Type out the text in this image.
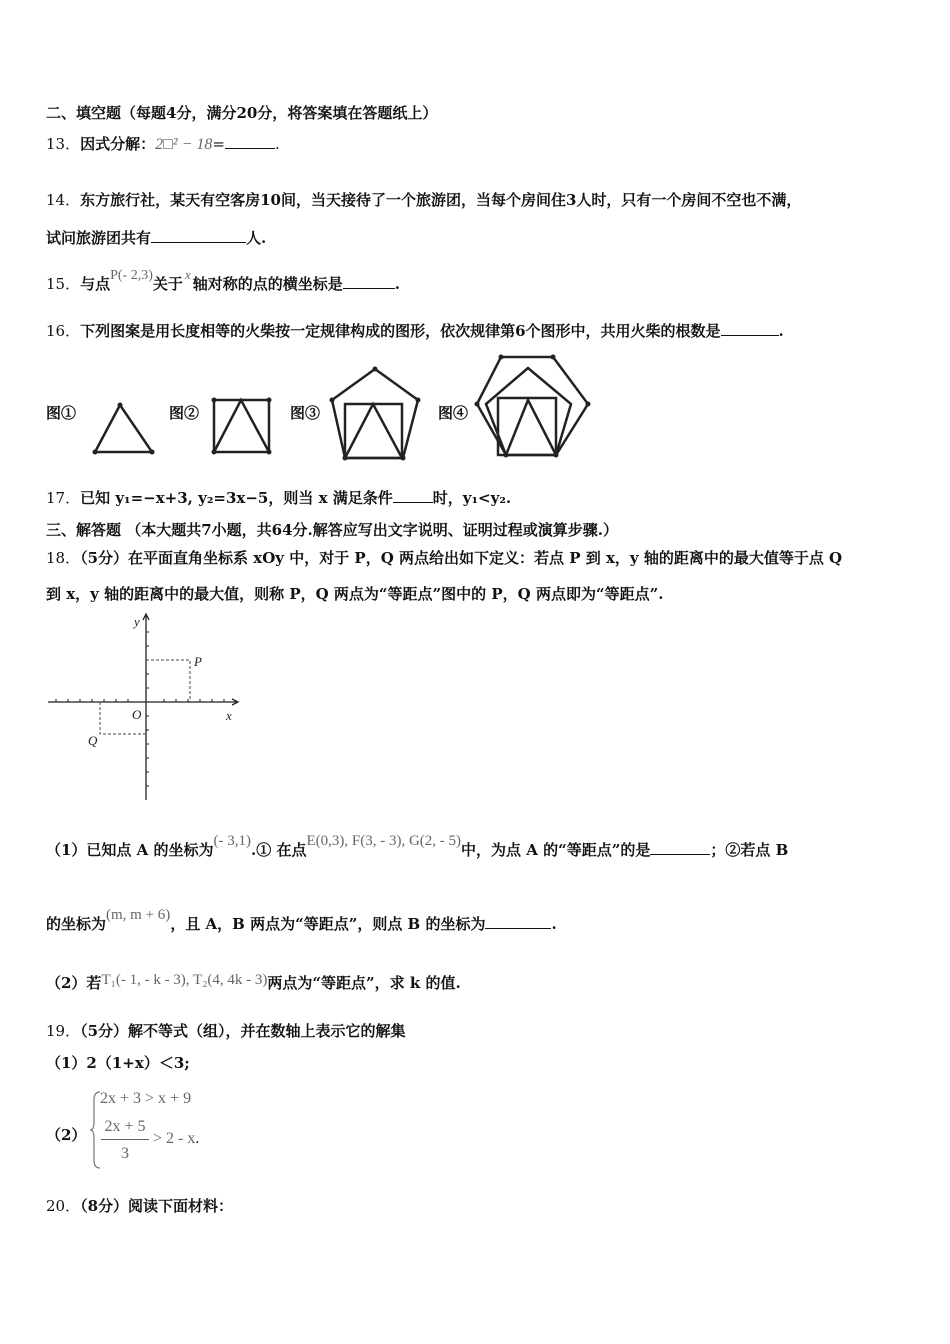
二、填空题（每题4分，满分20分，将答案填在答题纸上）
13．因式分解：2□² − 18=	.
14．东方旅行社，某天有空客房10间，当天接待了一个旅游团，当每个房间住3人时，只有一个房间不空也不满，
试问旅游团共有	人.
15．与点P(- 2,3)关于x轴对称的点的横坐标是	.
16．下列图案是用长度相等的火柴按一定规律构成的图形，依次规律第6个图形中，共用火柴的根数是	.
图①	图②	图③	图④
17．已知 y₁=−x+3, y₂=3x−5，则当 x 满足条件	时，y₁<y₂.
三、解答题 （本大题共7小题，共64分.解答应写出文字说明、证明过程或演算步骤.）
18．（5分）在平面直角坐标系 xOy 中，对于 P，Q 两点给出如下定义：若点 P 到 x，y 轴的距离中的最大值等于点 Q
到 x，y 轴的距离中的最大值，则称 P，Q 两点为“等距点”图中的 P，Q 两点即为“等距点”.
y
x
O
P
Q
（1）已知点 A 的坐标为(- 3,1).① 在点E(0,3), F(3, - 3), G(2, - 5)中，为点 A 的“等距点”的是	；②若点 B
的坐标为(m, m + 6)，且 A，B 两点为“等距点”，则点 B 的坐标为	.
（2）若T₁(- 1, - k - 3), T₂(4, 4k - 3)两点为“等距点”，求 k 的值.
19．（5分）解不等式（组），并在数轴上表示它的解集
（1）2（1+x）＜3;
（2）
2x + 3 > x + 9
2x + 5
3
> 2 - x.
20．（8分）阅读下面材料：
